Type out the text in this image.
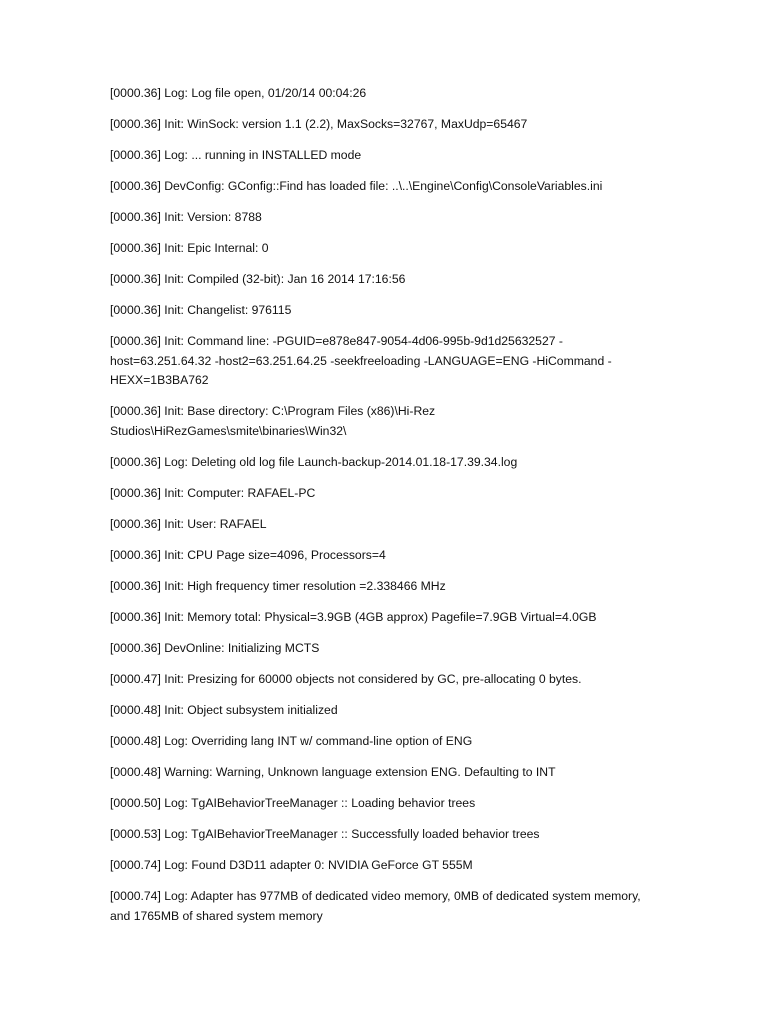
[0000.36] Log: Log file open, 01/20/14 00:04:26
[0000.36] Init: WinSock: version 1.1 (2.2), MaxSocks=32767, MaxUdp=65467
[0000.36] Log: ... running in INSTALLED mode
[0000.36] DevConfig: GConfig::Find has loaded file: ..\..\Engine\Config\ConsoleVariables.ini
[0000.36] Init: Version: 8788
[0000.36] Init: Epic Internal: 0
[0000.36] Init: Compiled (32-bit): Jan 16 2014 17:16:56
[0000.36] Init: Changelist: 976115
[0000.36] Init: Command line: -PGUID=e878e847-9054-4d06-995b-9d1d25632527 -host=63.251.64.32 -host2=63.251.64.25 -seekfreeloading -LANGUAGE=ENG -HiCommand -HEXX=1B3BA762
[0000.36] Init: Base directory: C:\Program Files (x86)\Hi-Rez Studios\HiRezGames\smite\binaries\Win32\
[0000.36] Log: Deleting old log file Launch-backup-2014.01.18-17.39.34.log
[0000.36] Init: Computer: RAFAEL-PC
[0000.36] Init: User: RAFAEL
[0000.36] Init: CPU Page size=4096, Processors=4
[0000.36] Init: High frequency timer resolution =2.338466 MHz
[0000.36] Init: Memory total: Physical=3.9GB (4GB approx) Pagefile=7.9GB Virtual=4.0GB
[0000.36] DevOnline: Initializing MCTS
[0000.47] Init: Presizing for 60000 objects not considered by GC, pre-allocating 0 bytes.
[0000.48] Init: Object subsystem initialized
[0000.48] Log: Overriding lang INT w/ command-line option of ENG
[0000.48] Warning: Warning, Unknown language extension ENG. Defaulting to INT
[0000.50] Log: TgAIBehaviorTreeManager :: Loading behavior trees
[0000.53] Log: TgAIBehaviorTreeManager :: Successfully loaded behavior trees
[0000.74] Log: Found D3D11 adapter 0: NVIDIA GeForce GT 555M
[0000.74] Log: Adapter has 977MB of dedicated video memory, 0MB of dedicated system memory, and 1765MB of shared system memory
